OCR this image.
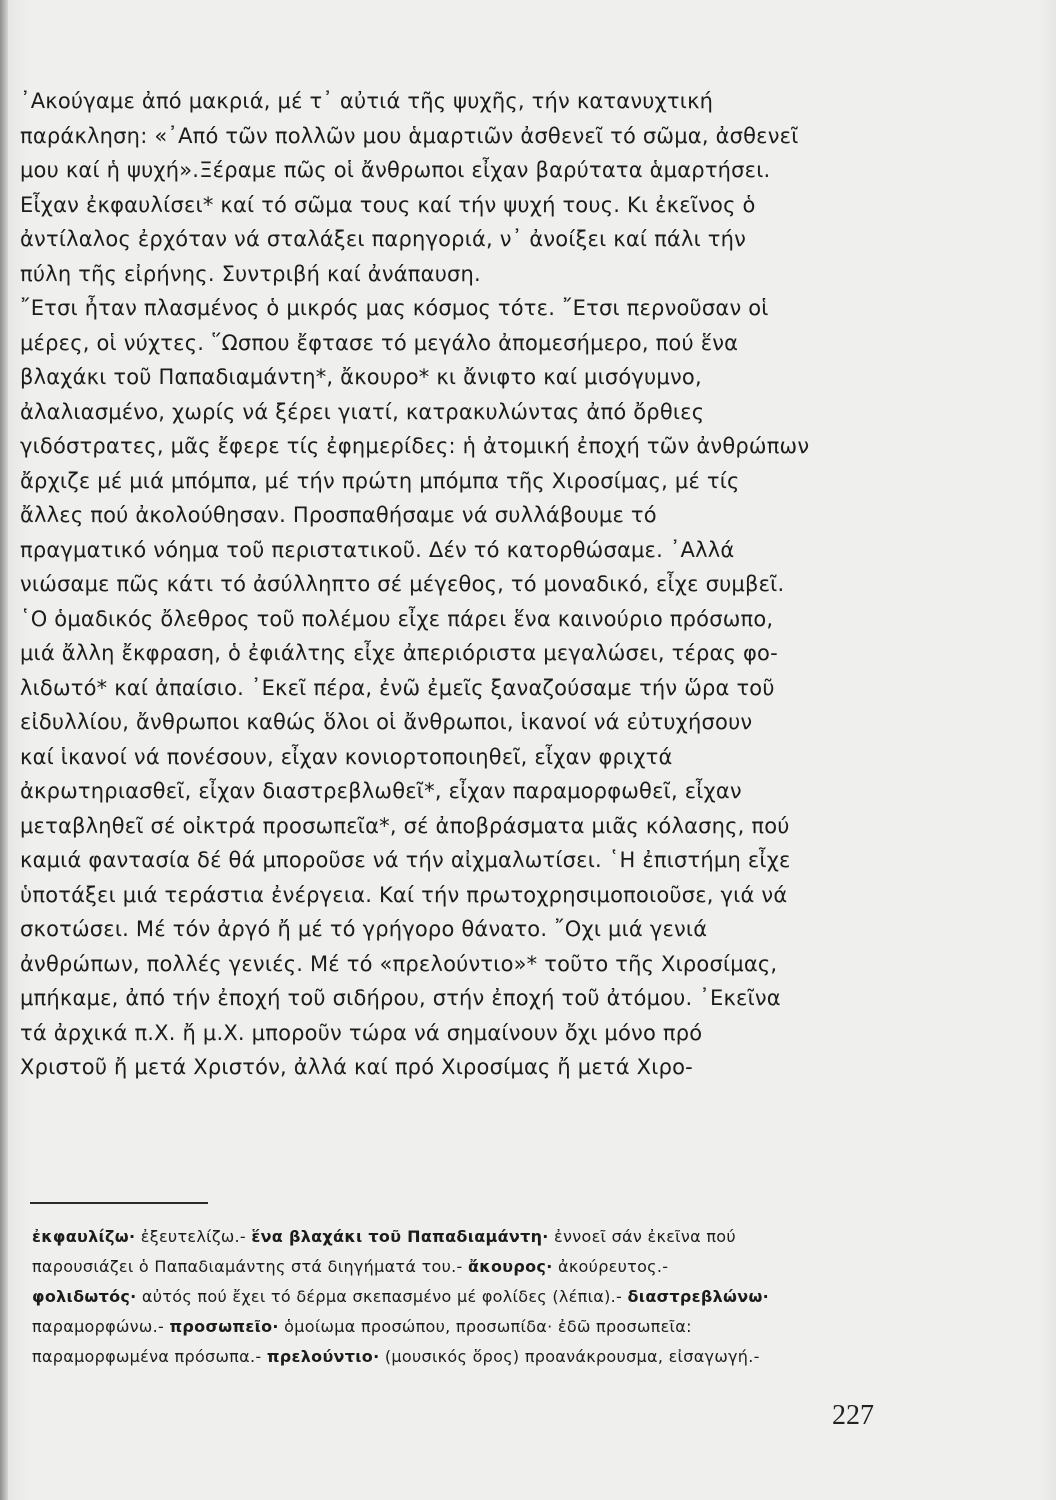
᾿Ακούγαμε ἀπό μακριά, μέ τ᾿ αὐτιά τῆς ψυχῆς, τήν κατανυχτική
παράκληση: «᾿Από τῶν πολλῶν μου ἁμαρτιῶν ἀσθενεῖ τό σῶμα, ἀσθενεῖ
μου καί ἡ ψυχή».Ξέραμε πῶς οἱ ἄνθρωποι εἶχαν βαρύτατα ἁμαρτήσει.
Εἶχαν ἐκφαυλίσει* καί τό σῶμα τους καί τήν ψυχή τους. Κι ἐκεῖνος ὁ
ἀντίλαλος ἐρχόταν νά σταλάξει παρηγοριά, ν᾿ ἀνοίξει καί πάλι τήν
πύλη τῆς εἰρήνης. Συντριβή καί ἀνάπαυση.
῎Ετσι ἦταν πλασμένος ὁ μικρός μας κόσμος τότε. ῎Ετσι περνοῦσαν οἱ
μέρες, οἱ νύχτες. ῞Ωσπου ἔφτασε τό μεγάλο ἀπομεσήμερο, πού ἕνα
βλαχάκι τοῦ Παπαδιαμάντη*, ἄκουρο* κι ἄνιφτο καί μισόγυμνο,
ἀλαλιασμένο, χωρίς νά ξέρει γιατί, κατρακυλώντας ἀπό ὄρθιες
γιδόστρατες, μᾶς ἔφερε τίς ἐφημερίδες: ἡ ἀτομική ἐποχή τῶν ἀνθρώπων
ἄρχιζε μέ μιά μπόμπα, μέ τήν πρώτη μπόμπα τῆς Χιροσίμας, μέ τίς
ἄλλες πού ἀκολούθησαν. Προσπαθήσαμε νά συλλάβουμε τό
πραγματικό νόημα τοῦ περιστατικοῦ. Δέν τό κατορθώσαμε. ᾿Αλλά
νιώσαμε πῶς κάτι τό ἀσύλληπτο σέ μέγεθος, τό μοναδικό, εἶχε συμβεῖ.
῾Ο ὁμαδικός ὄλεθρος τοῦ πολέμου εἶχε πάρει ἕνα καινούριο πρόσωπο,
μιά ἄλλη ἔκφραση, ὁ ἐφιάλτης εἶχε ἀπεριόριστα μεγαλώσει, τέρας φο-
λιδωτό* καί ἀπαίσιο. ᾿Εκεῖ πέρα, ἐνῶ ἐμεῖς ξαναζούσαμε τήν ὥρα τοῦ
εἰδυλλίου, ἄνθρωποι καθώς ὅλοι οἱ ἄνθρωποι, ἱκανοί νά εὐτυχήσουν
καί ἱκανοί νά πονέσουν, εἶχαν κονιορτοποιηθεῖ, εἶχαν φριχτά
ἀκρωτηριασθεῖ, εἶχαν διαστρεβλωθεῖ*, εἶχαν παραμορφωθεῖ, εἶχαν
μεταβληθεῖ σέ οἰκτρά προσωπεῖα*, σέ ἀποβράσματα μιᾶς κόλασης, πού
καμιά φαντασία δέ θά μποροῦσε νά τήν αἰχμαλωτίσει. ῾Η ἐπιστήμη εἶχε
ὑποτάξει μιά τεράστια ἐνέργεια. Καί τήν πρωτοχρησιμοποιοῦσε, γιά νά
σκοτώσει. Μέ τόν ἀργό ἤ μέ τό γρήγορο θάνατο. ῎Οχι μιά γενιά
ἀνθρώπων, πολλές γενιές. Μέ τό «πρελούντιο»* τοῦτο τῆς Χιροσίμας,
μπήκαμε, ἀπό τήν ἐποχή τοῦ σιδήρου, στήν ἐποχή τοῦ ἀτόμου. ᾿Εκεῖνα
τά ἀρχικά π.Χ. ἤ μ.Χ. μποροῦν τώρα νά σημαίνουν ὄχι μόνο πρό
Χριστοῦ ἤ μετά Χριστόν, ἀλλά καί πρό Χιροσίμας ἤ μετά Χιρο-
ἐκφαυλίζω· ἐξευτελίζω.- ἕνα βλαχάκι τοῦ Παπαδιαμάντη· ἐννοεῖ σάν ἐκεῖνα πού
παρουσιάζει ὁ Παπαδιαμάντης στά διηγήματά του.- ἄκουρος· ἀκούρευτος.-
φολιδωτός· αὐτός πού ἔχει τό δέρμα σκεπασμένο μέ φολίδες (λέπια).- διαστρεβλώνω·
παραμορφώνω.- προσωπεῖο· ὁμοίωμα προσώπου, προσωπίδα· ἐδῶ προσωπεῖα:
παραμορφωμένα πρόσωπα.- πρελούντιο· (μουσικός ὅρος) προανάκρουσμα, εἰσαγωγή.-
227
